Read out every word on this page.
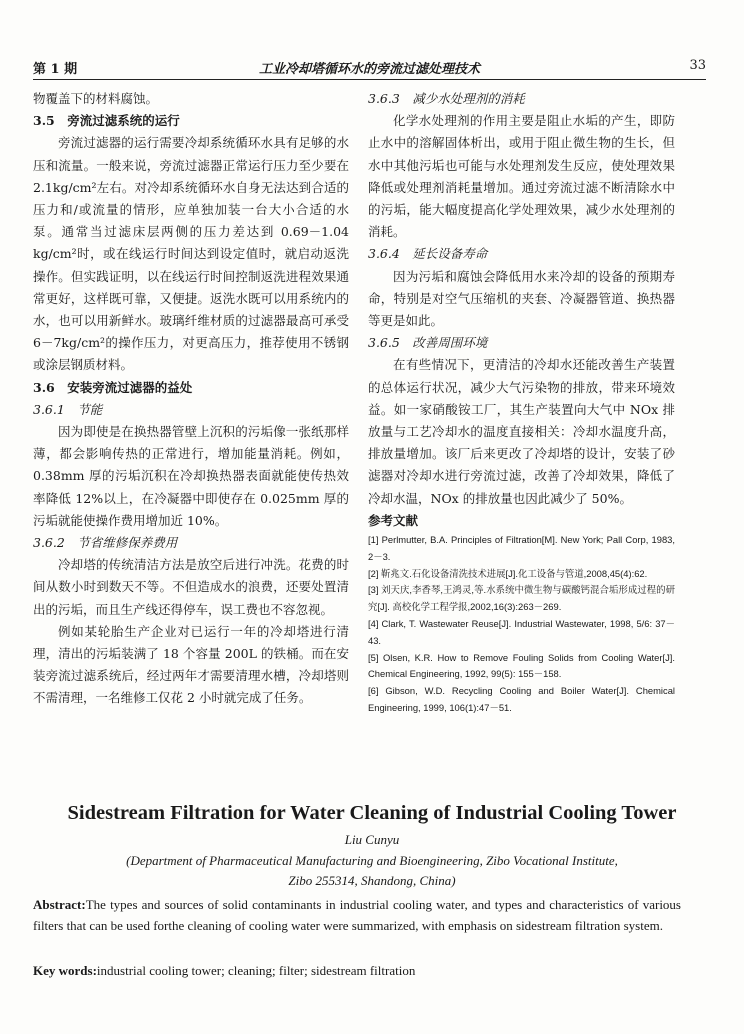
第 1 期	工业冷却塔循环水的旁流过滤处理技术	33

物覆盖下的材料腐蚀。

3.5　旁流过滤系统的运行

旁流过滤器的运行需要冷却系统循环水具有足够的水压和流量。一般来说，旁流过滤器正常运行压力至少要在 2.1kg/cm²左右。对冷却系统循环水自身无法达到合适的压力和/或流量的情形，应单独加装一台大小合适的水泵。通常当过滤床层两侧的压力差达到 0.69－1.04 kg/cm²时，或在线运行时间达到设定值时，就启动返洗操作。但实践证明，以在线运行时间控制返洗进程效果通常更好，这样既可靠，又便捷。返洗水既可以用系统内的水，也可以用新鲜水。玻璃纤维材质的过滤器最高可承受 6－7kg/cm²的操作压力，对更高压力，推荐使用不锈钢或涂层钢质材料。

3.6　安装旁流过滤器的益处

3.6.1　节能

因为即使是在换热器管壁上沉积的污垢像一张纸那样薄，都会影响传热的正常进行，增加能量消耗。例如，0.38mm 厚的污垢沉积在冷却换热器表面就能使传热效率降低 12%以上，在冷凝器中即使存在 0.025mm 厚的污垢就能使操作费用增加近 10%。

3.6.2　节省维修保养费用

冷却塔的传统清洁方法是放空后进行冲洗。花费的时间从数小时到数天不等。不但造成水的浪费，还要处置清出的污垢，而且生产线还得停车，误工费也不容忽视。

例如某轮胎生产企业对已运行一年的冷却塔进行清理，清出的污垢装满了 18 个容量 200L 的铁桶。而在安装旁流过滤系统后，经过两年才需要清理水槽，冷却塔则不需清理，一名维修工仅花 2 小时就完成了任务。

3.6.3　减少水处理剂的消耗

化学水处理剂的作用主要是阻止水垢的产生，即防止水中的溶解固体析出，或用于阻止微生物的生长，但水中其他污垢也可能与水处理剂发生反应，使处理效果降低或处理剂消耗量增加。通过旁流过滤不断清除水中的污垢，能大幅度提高化学处理效果，减少水处理剂的消耗。

3.6.4　延长设备寿命

因为污垢和腐蚀会降低用水来冷却的设备的预期寿命，特别是对空气压缩机的夹套、冷凝器管道、换热器等更是如此。

3.6.5　改善周围环境

在有些情况下，更清洁的冷却水还能改善生产装置的总体运行状况，减少大气污染物的排放，带来环境效益。如一家硝酸铵工厂，其生产装置向大气中 NOx 排放量与工艺冷却水的温度直接相关：冷却水温度升高，排放量增加。该厂后来更改了冷却塔的设计，安装了砂滤器对冷却水进行旁流过滤，改善了冷却效果，降低了冷却水温，NOx 的排放量也因此减少了 50%。

参考文献

[1] Perlmutter, B.A. Principles of Filtration[M]. New York; Pall Corp, 1983, 2－3.

[2] 靳兆文.石化设备清洗技术进展[J].化工设备与管道,2008,45(4):62.

[3] 刘天庆,李香琴,王鸿灵,等.水系统中微生物与碳酸钙混合垢形成过程的研究[J]. 高校化学工程学报,2002,16(3):263－269.

[4] Clark, T. Wastewater Reuse[J]. Industrial Wastewater, 1998, 5/6: 37－43.

[5] Olsen, K.R. How to Remove Fouling Solids from Cooling Water[J]. Chemical Engineering, 1992, 99(5): 155－158.

[6] Gibson, W.D. Recycling Cooling and Boiler Water[J]. Chemical Engineering, 1999, 106(1):47－51.

Sidestream Filtration for Water Cleaning of Industrial Cooling Tower
Liu Cunyu
(Department of Pharmaceutical Manufacturing and Bioengineering, Zibo Vocational Institute,
Zibo 255314, Shandong, China)
Abstract:The types and sources of solid contaminants in industrial cooling water, and types and characteristics of various filters that can be used forthe cleaning of cooling water were summarized, with emphasis on sidestream filtration system.
Key words:industrial cooling tower; cleaning; filter; sidestream filtration
